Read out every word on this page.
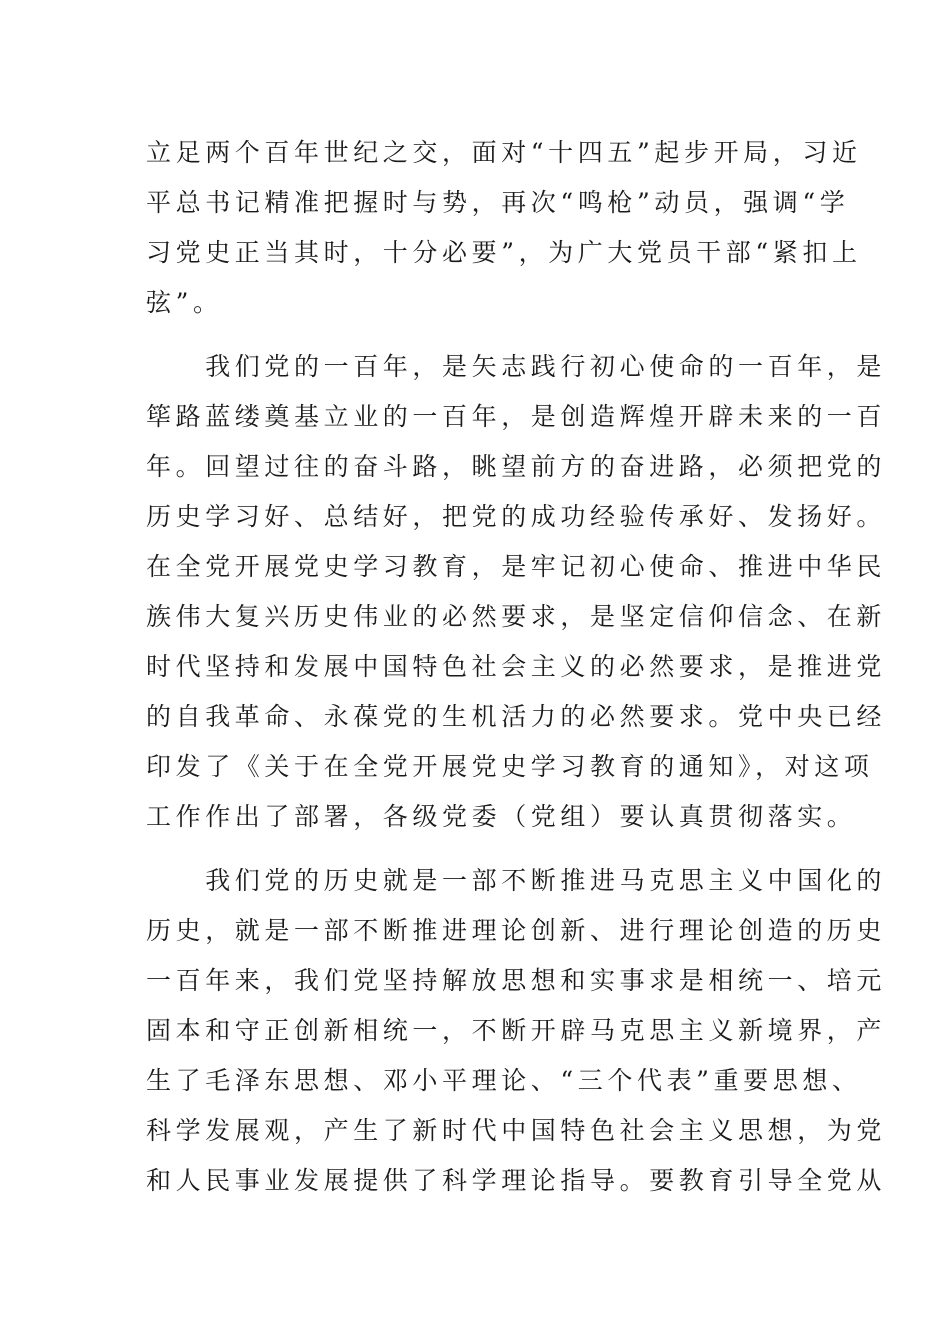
立足两个百年世纪之交，面对“十四五”起步开局，习近
平总书记精准把握时与势，再次“鸣枪”动员，强调“学
习党史正当其时，十分必要”，为广大党员干部“紧扣上
弦”。
　　我们党的一百年，是矢志践行初心使命的一百年，是
筚路蓝缕奠基立业的一百年，是创造辉煌开辟未来的一百
年。回望过往的奋斗路，眺望前方的奋进路，必须把党的
历史学习好、总结好，把党的成功经验传承好、发扬好。
在全党开展党史学习教育，是牢记初心使命、推进中华民
族伟大复兴历史伟业的必然要求，是坚定信仰信念、在新
时代坚持和发展中国特色社会主义的必然要求，是推进党
的自我革命、永葆党的生机活力的必然要求。党中央已经
印发了《关于在全党开展党史学习教育的通知》，对这项
工作作出了部署，各级党委（党组）要认真贯彻落实。
　　我们党的历史就是一部不断推进马克思主义中国化的
历史，就是一部不断推进理论创新、进行理论创造的历史
一百年来，我们党坚持解放思想和实事求是相统一、培元
固本和守正创新相统一，不断开辟马克思主义新境界，产
生了毛泽东思想、邓小平理论、“三个代表”重要思想、
科学发展观，产生了新时代中国特色社会主义思想，为党
和人民事业发展提供了科学理论指导。要教育引导全党从
